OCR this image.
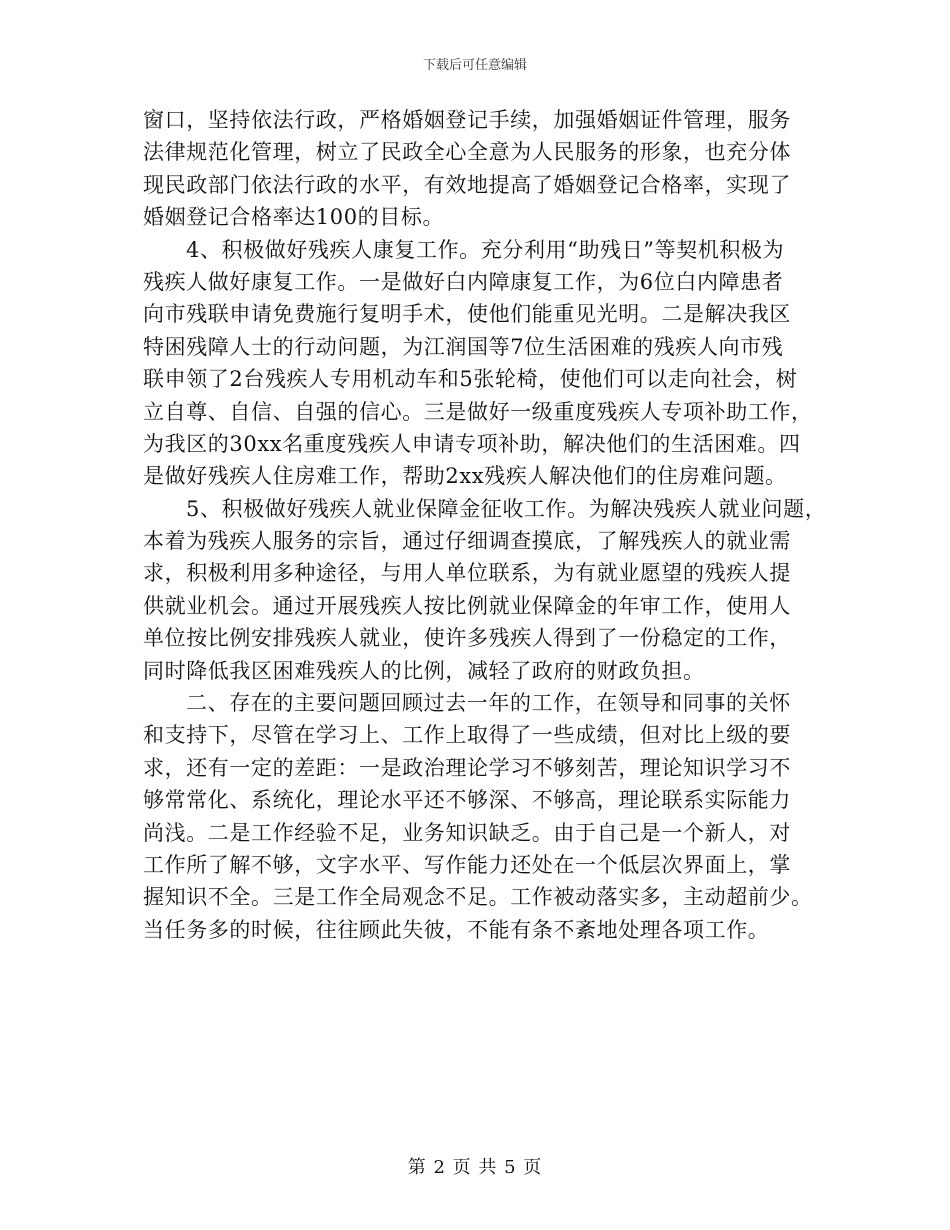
下载后可任意编辑
窗口，坚持依法行政，严格婚姻登记手续，加强婚姻证件管理，服务
法律规范化管理，树立了民政全心全意为人民服务的形象，也充分体
现民政部门依法行政的水平，有效地提高了婚姻登记合格率，实现了
婚姻登记合格率达100的目标。
4、积极做好残疾人康复工作。充分利用“助残日”等契机积极为
残疾人做好康复工作。一是做好白内障康复工作，为6位白内障患者
向市残联申请免费施行复明手术，使他们能重见光明。二是解决我区
特困残障人士的行动问题，为江润国等7位生活困难的残疾人向市残
联申领了2台残疾人专用机动车和5张轮椅，使他们可以走向社会，树
立自尊、自信、自强的信心。三是做好一级重度残疾人专项补助工作，
为我区的30xx名重度残疾人申请专项补助，解决他们的生活困难。四
是做好残疾人住房难工作，帮助2xx残疾人解决他们的住房难问题。
5、积极做好残疾人就业保障金征收工作。为解决残疾人就业问题，
本着为残疾人服务的宗旨，通过仔细调查摸底，了解残疾人的就业需
求，积极利用多种途径，与用人单位联系，为有就业愿望的残疾人提
供就业机会。通过开展残疾人按比例就业保障金的年审工作，使用人
单位按比例安排残疾人就业，使许多残疾人得到了一份稳定的工作，
同时降低我区困难残疾人的比例，减轻了政府的财政负担。
二、存在的主要问题回顾过去一年的工作，在领导和同事的关怀
和支持下，尽管在学习上、工作上取得了一些成绩，但对比上级的要
求，还有一定的差距：一是政治理论学习不够刻苦，理论知识学习不
够常常化、系统化，理论水平还不够深、不够高，理论联系实际能力
尚浅。二是工作经验不足，业务知识缺乏。由于自己是一个新人，对
工作所了解不够，文字水平、写作能力还处在一个低层次界面上，掌
握知识不全。三是工作全局观念不足。工作被动落实多，主动超前少。
当任务多的时候，往往顾此失彼，不能有条不紊地处理各项工作。
第 2 页 共 5 页
